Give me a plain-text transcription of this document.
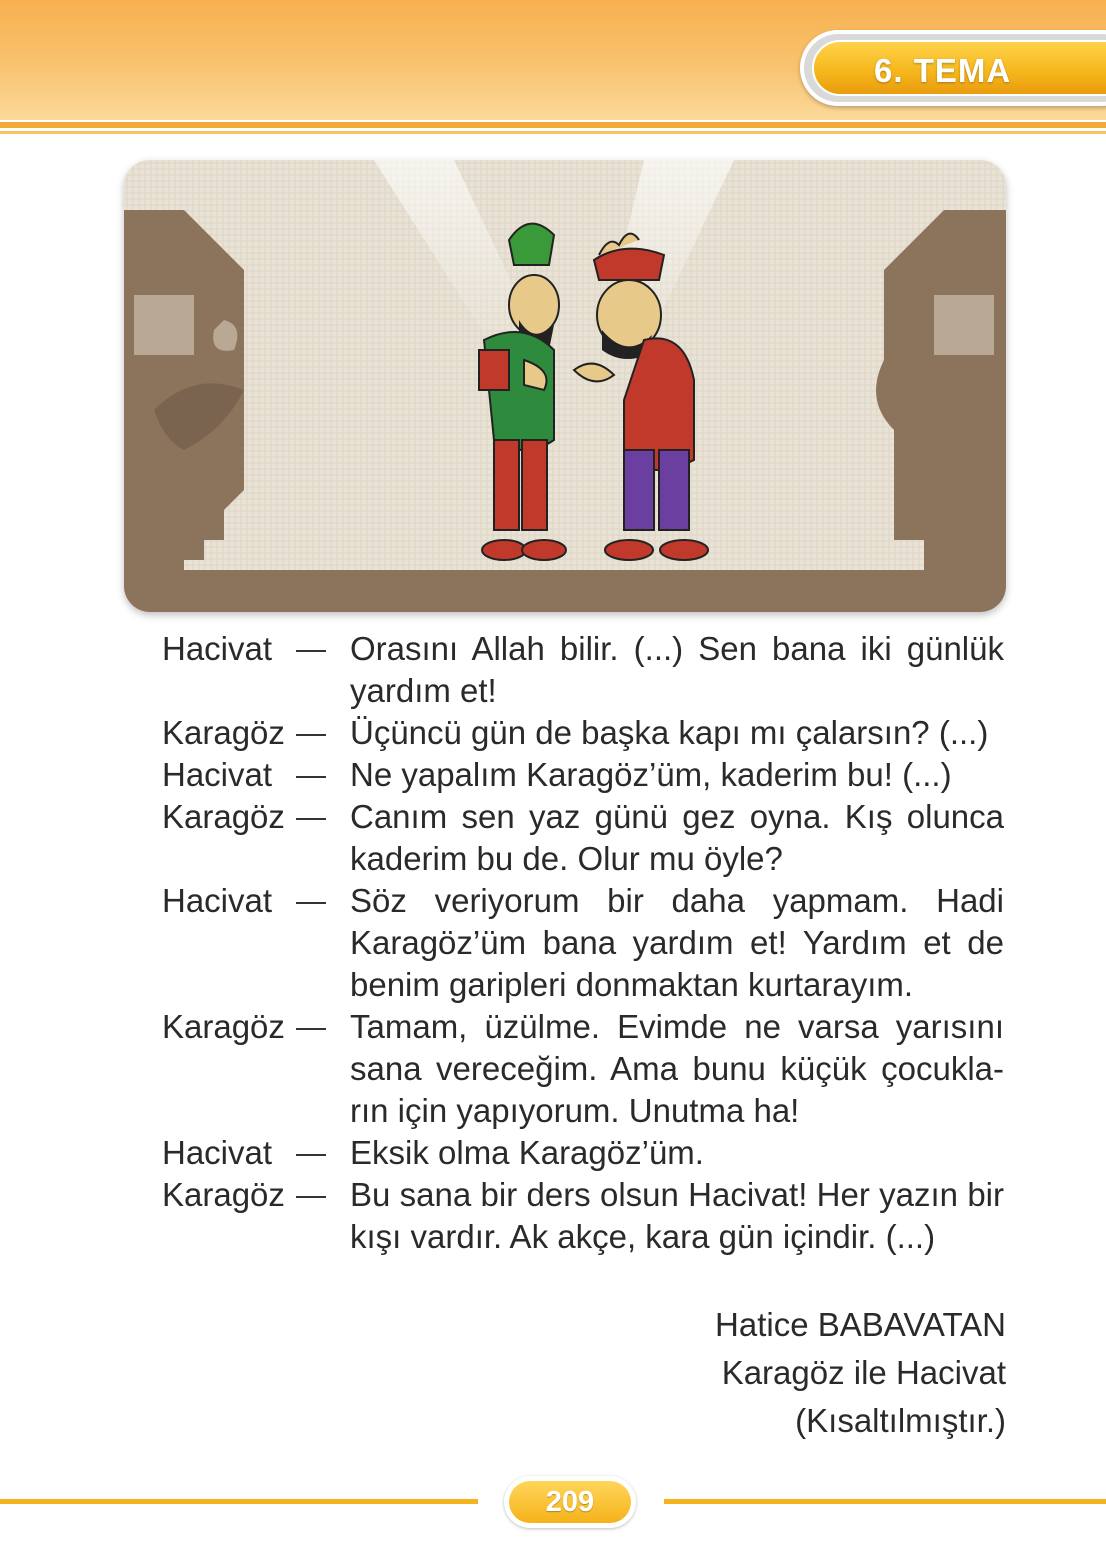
6. TEMA
Hacivat	Orasını Allah bilir. (...) Sen bana iki günlük
yardım et!
Karagöz	Üçüncü gün de başka kapı mı çalarsın? (...)
Hacivat	Ne yapalım Karagöz’üm, kaderim bu! (...)
Karagöz	Canım sen yaz günü gez oyna. Kış olunca
kaderim bu de. Olur mu öyle?
Hacivat	Söz veriyorum bir daha yapmam. Hadi
Karagöz’üm bana yardım et! Yardım et de
benim garipleri donmaktan kurtarayım.
Karagöz	Tamam, üzülme. Evimde ne varsa yarısını
sana vereceğim. Ama bunu küçük çocukla-
rın için yapıyorum. Unutma ha!
Hacivat	Eksik olma Karagöz’üm.
Karagöz	Bu sana bir ders olsun Hacivat! Her yazın bir
kışı vardır. Ak akçe, kara gün içindir. (...)
Hatice BABAVATAN
Karagöz ile Hacivat
(Kısaltılmıştır.)
209
